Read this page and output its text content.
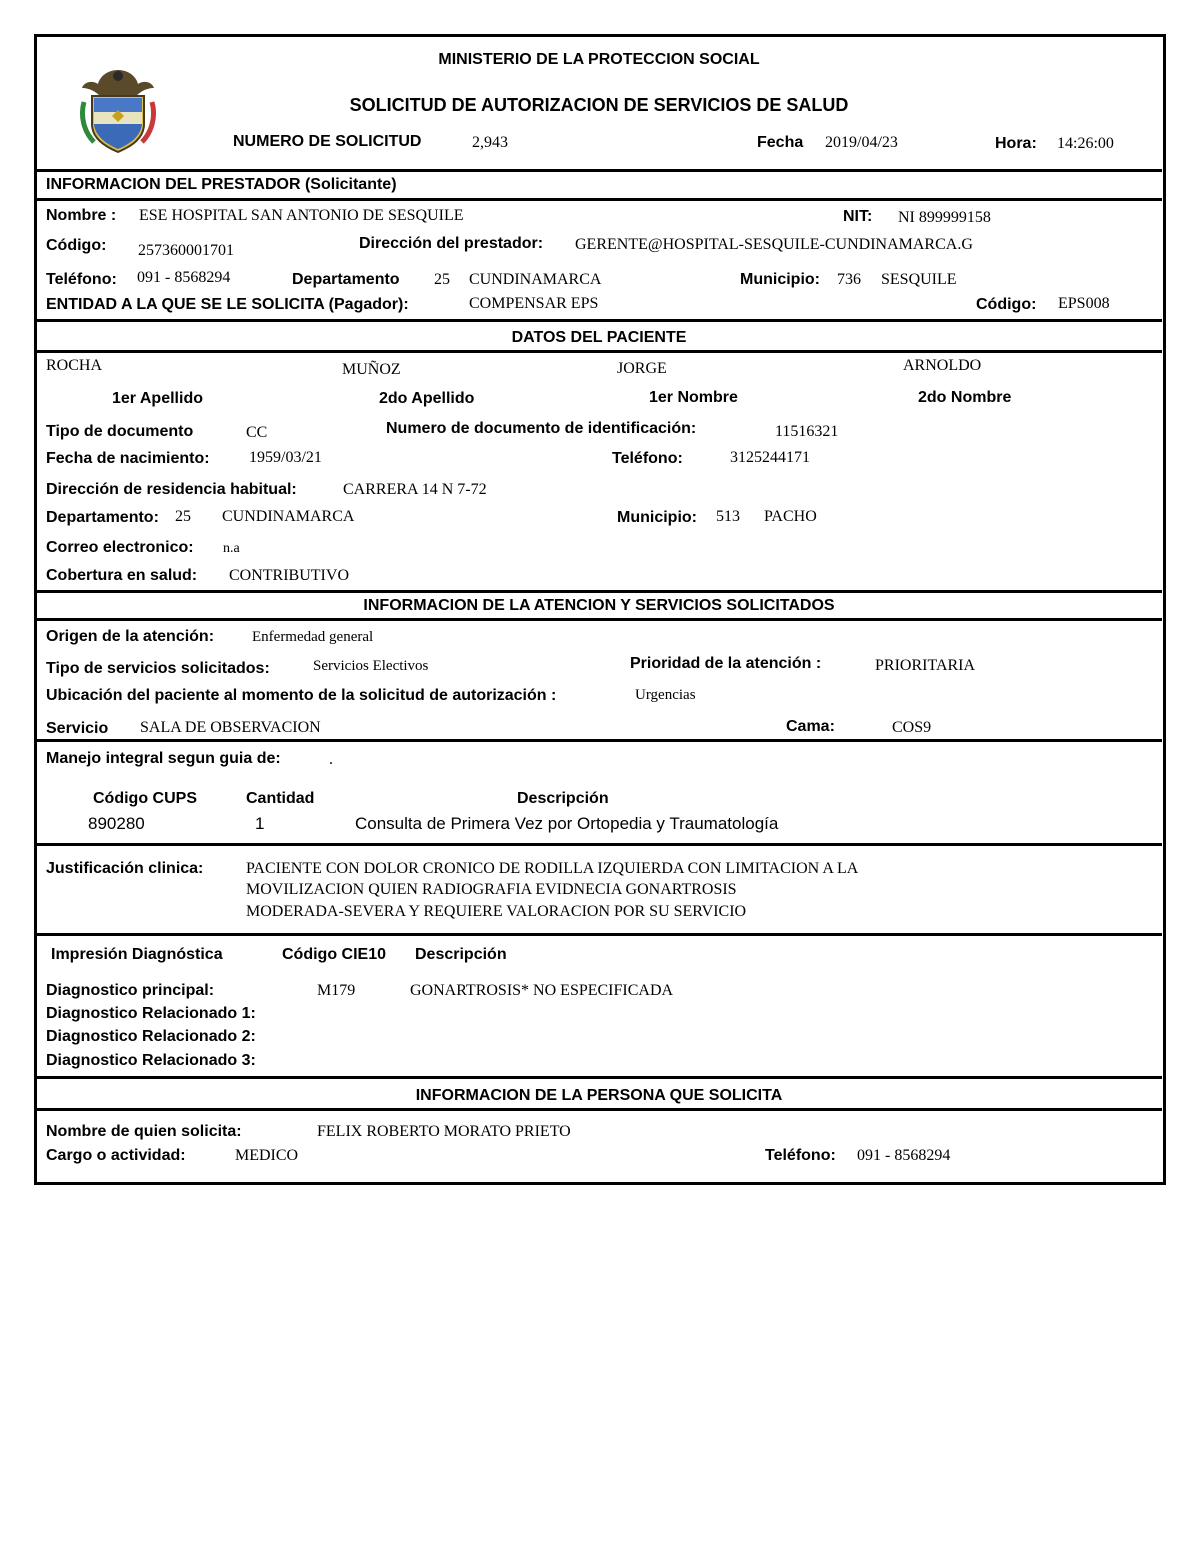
MINISTERIO DE LA PROTECCION SOCIAL
SOLICITUD DE AUTORIZACION DE SERVICIOS DE SALUD
NUMERO DE SOLICITUD	2,943	Fecha 2019/04/23	Hora: 14:26:00
INFORMACION DEL PRESTADOR (Solicitante)
Nombre : ESE HOSPITAL SAN ANTONIO DE SESQUILE	NIT: NI 899999158
Código: 257360001701	Dirección del prestador: GERENTE@HOSPITAL-SESQUILE-CUNDINAMARCA.G
Teléfono: 091 - 8568294	Departamento 25 CUNDINAMARCA	Municipio: 736 SESQUILE
ENTIDAD A LA QUE SE LE SOLICITA (Pagador):	COMPENSAR EPS	Código: EPS008
DATOS DEL PACIENTE
ROCHA	MUÑOZ	JORGE	ARNOLDO
1er Apellido	2do Apellido	1er Nombre	2do Nombre
Tipo de documento	CC	Numero de documento de identificación:	11516321
Fecha de nacimiento: 1959/03/21	Teléfono:	3125244171
Dirección de residencia habitual:	CARRERA 14 N 7-72
Departamento: 25 CUNDINAMARCA	Municipio: 513 PACHO
Correo electronico: n.a
Cobertura en salud: CONTRIBUTIVO
INFORMACION DE LA ATENCION Y SERVICIOS SOLICITADOS
Origen de la atención:	Enfermedad general
Tipo de servicios solicitados:	Servicios Electivos	Prioridad de la atención :	PRIORITARIA
Ubicación del paciente al momento de la solicitud de autorización :	Urgencias
Servicio SALA DE OBSERVACION	Cama:	COS9
Manejo integral segun guia de:	.
Código CUPS	Cantidad	Descripción
890280	1	Consulta de Primera Vez por Ortopedia y Traumatología
Justificación clinica:	PACIENTE CON DOLOR CRONICO DE RODILLA IZQUIERDA CON LIMITACION A LA
MOVILIZACION QUIEN RADIOGRAFIA EVIDNECIA GONARTROSIS
MODERADA-SEVERA Y REQUIERE VALORACION POR SU SERVICIO
Impresión Diagnóstica	Código CIE10 Descripción
Diagnostico principal:	M179	GONARTROSIS* NO ESPECIFICADA
Diagnostico Relacionado 1:
Diagnostico Relacionado 2:
Diagnostico Relacionado 3:
INFORMACION DE LA PERSONA QUE SOLICITA
Nombre de quien solicita:	FELIX ROBERTO MORATO PRIETO
Cargo o actividad:	MEDICO	Teléfono: 091 - 8568294
